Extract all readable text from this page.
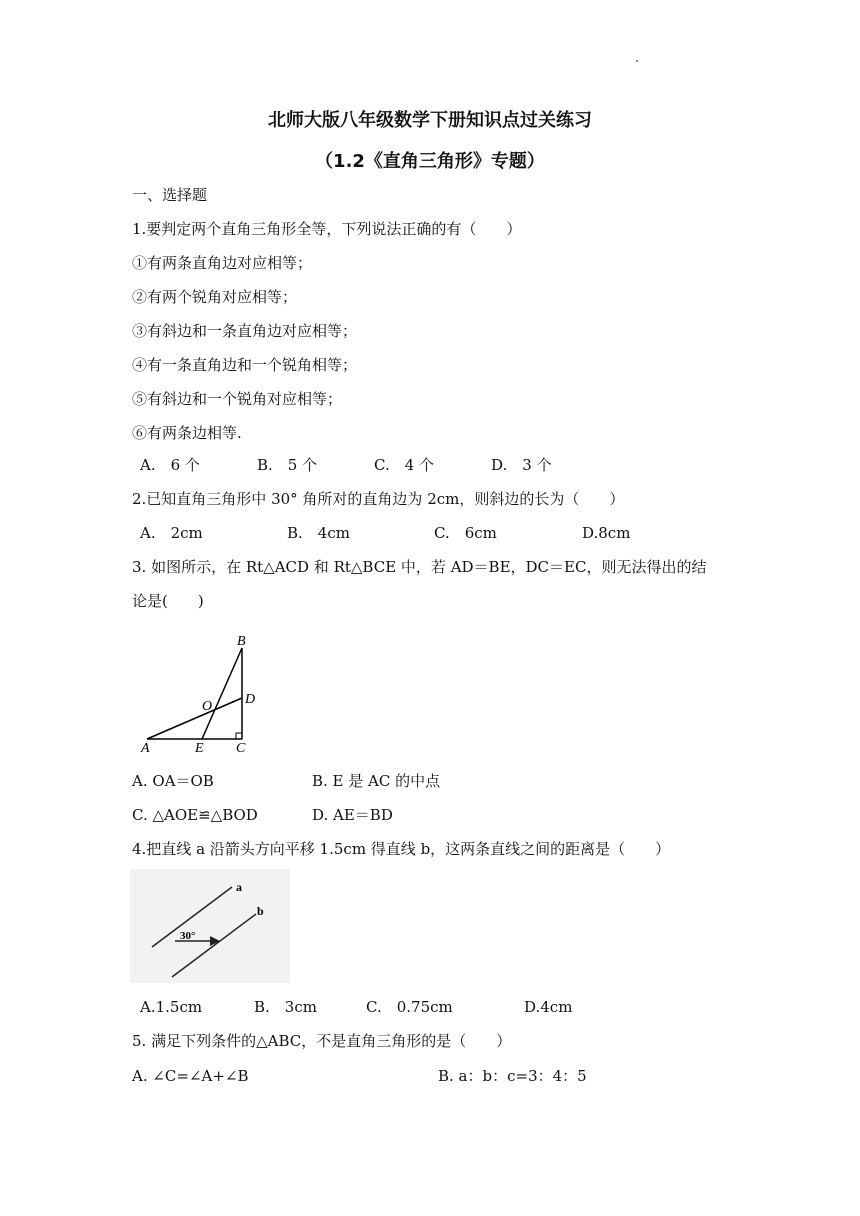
北师大版八年级数学下册知识点过关练习
（1.2《直角三角形》专题）
一、选择题
1.要判定两个直角三角形全等，下列说法正确的有（　　）
①有两条直角边对应相等；
②有两个锐角对应相等；
③有斜边和一条直角边对应相等；
④有一条直角边和一个锐角相等；
⑤有斜边和一个锐角对应相等；
⑥有两条边相等.
A.　6 个	B.　5 个	C.　4 个	D.　3 个
2.已知直角三角形中 30° 角所对的直角边为 2cm，则斜边的长为（　　）
A.　2cm	B.　4cm	C.　6cm	D.8cm
3. 如图所示，在 Rt△ACD 和 Rt△BCE 中，若 AD＝BE，DC＝EC，则无法得出的结
论是(　　)
B
D
O
A	E C
A. OA＝OB	B. E 是 AC 的中点
C. △AOE≌△BOD	D. AE＝BD
4.把直线 a 沿箭头方向平移 1.5cm 得直线 b，这两条直线之间的距离是（　　）
a
b
30°
A.1.5cm	B.　3cm	C.　0.75cm	D.4cm
5. 满足下列条件的△ABC，不是直角三角形的是（　　）
A. ∠C=∠A+∠B	B. a：b：c=3：4：5
